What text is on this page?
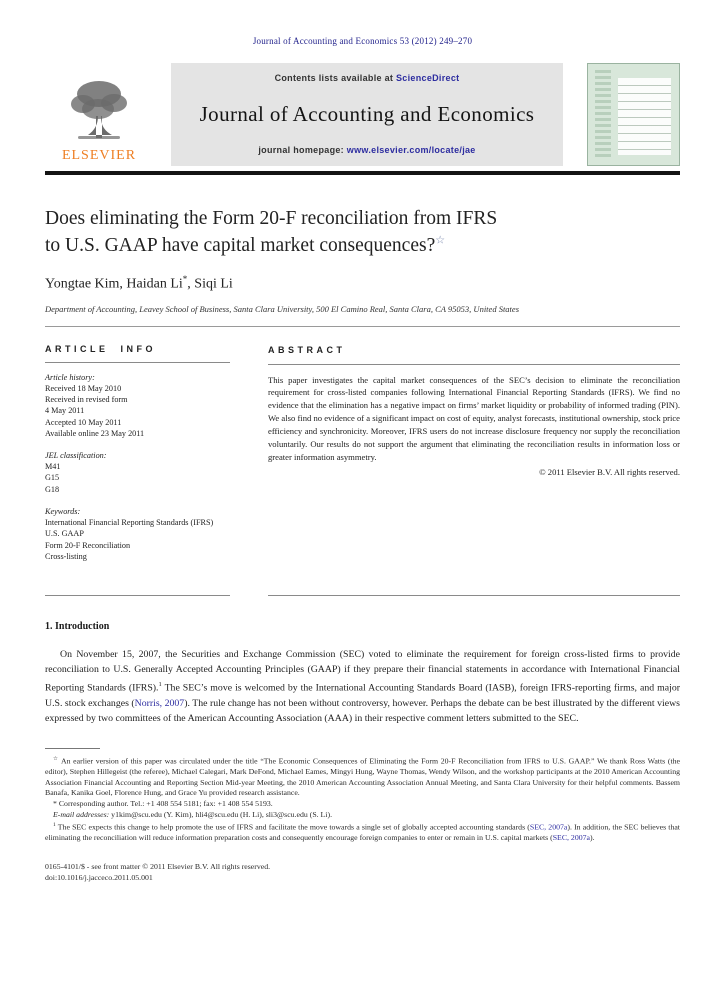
Journal of Accounting and Economics 53 (2012) 249–270
ELSEVIER
Contents lists available at ScienceDirect
Journal of Accounting and Economics
journal homepage: www.elsevier.com/locate/jae
Does eliminating the Form 20-F reconciliation from IFRS
to U.S. GAAP have capital market consequences?☆
Yongtae Kim, Haidan Li*, Siqi Li
Department of Accounting, Leavey School of Business, Santa Clara University, 500 El Camino Real, Santa Clara, CA 95053, United States
ARTICLE INFO
Article history:
Received 18 May 2010
Received in revised form
4 May 2011
Accepted 10 May 2011
Available online 23 May 2011
JEL classification:
M41
G15
G18
Keywords:
International Financial Reporting Standards (IFRS)
U.S. GAAP
Form 20-F Reconciliation
Cross-listing
ABSTRACT
This paper investigates the capital market consequences of the SEC’s decision to eliminate the reconciliation requirement for cross-listed companies following International Financial Reporting Standards (IFRS). We find no evidence that the elimination has a negative impact on firms’ market liquidity or probability of informed trading (PIN). We also find no evidence of a significant impact on cost of equity, analyst forecasts, institutional ownership, stock price efficiency and synchronicity. Moreover, IFRS users do not increase disclosure frequency nor supply the reconciliation voluntarily. Our results do not support the argument that eliminating the reconciliation results in information loss or greater information asymmetry.
© 2011 Elsevier B.V. All rights reserved.
1. Introduction

On November 15, 2007, the Securities and Exchange Commission (SEC) voted to eliminate the requirement for foreign cross-listed firms to provide reconciliation to U.S. Generally Accepted Accounting Principles (GAAP) if they prepare their financial statements in accordance with International Financial Reporting Standards (IFRS).$^1$ The SEC’s move is welcomed by the International Accounting Standards Board (IASB), foreign IFRS-reporting firms, and major U.S. stock exchanges (Norris, 2007). The rule change has not been without controversy, however. Perhaps the debate can be best illustrated by the different views expressed by two committees of the American Accounting Association (AAA) in their respective comment letters submitted to the SEC.

☆ An earlier version of this paper was circulated under the title “The Economic Consequences of Eliminating the Form 20-F Reconciliation from IFRS to U.S. GAAP.” We thank Ross Watts (the editor), Stephen Hillegeist (the referee), Michael Calegari, Mark DeFond, Michael Eames, Mingyi Hung, Wayne Thomas, Wendy Wilson, and the workshop participants at the 2010 American Accounting Association Financial Accounting and Reporting Section Mid-year Meeting, the 2010 American Accounting Association Annual Meeting, and Santa Clara University for their helpful comments. Bassem Banafa, Kanika Goel, Florence Hung, and Grace Yu provided research assistance.

* Corresponding author. Tel.: +1 408 554 5181; fax: +1 408 554 5193.

E-mail addresses: y1kim@scu.edu (Y. Kim), hli4@scu.edu (H. Li), sli3@scu.edu (S. Li).

$^1$ The SEC expects this change to help promote the use of IFRS and facilitate the move towards a single set of globally accepted accounting standards (SEC, 2007a). In addition, the SEC believes that eliminating the reconciliation will reduce information preparation costs and consequently encourage foreign companies to enter or remain in U.S. capital markets (SEC, 2007a).

0165-4101/$ - see front matter © 2011 Elsevier B.V. All rights reserved.
doi:10.1016/j.jacceco.2011.05.001
